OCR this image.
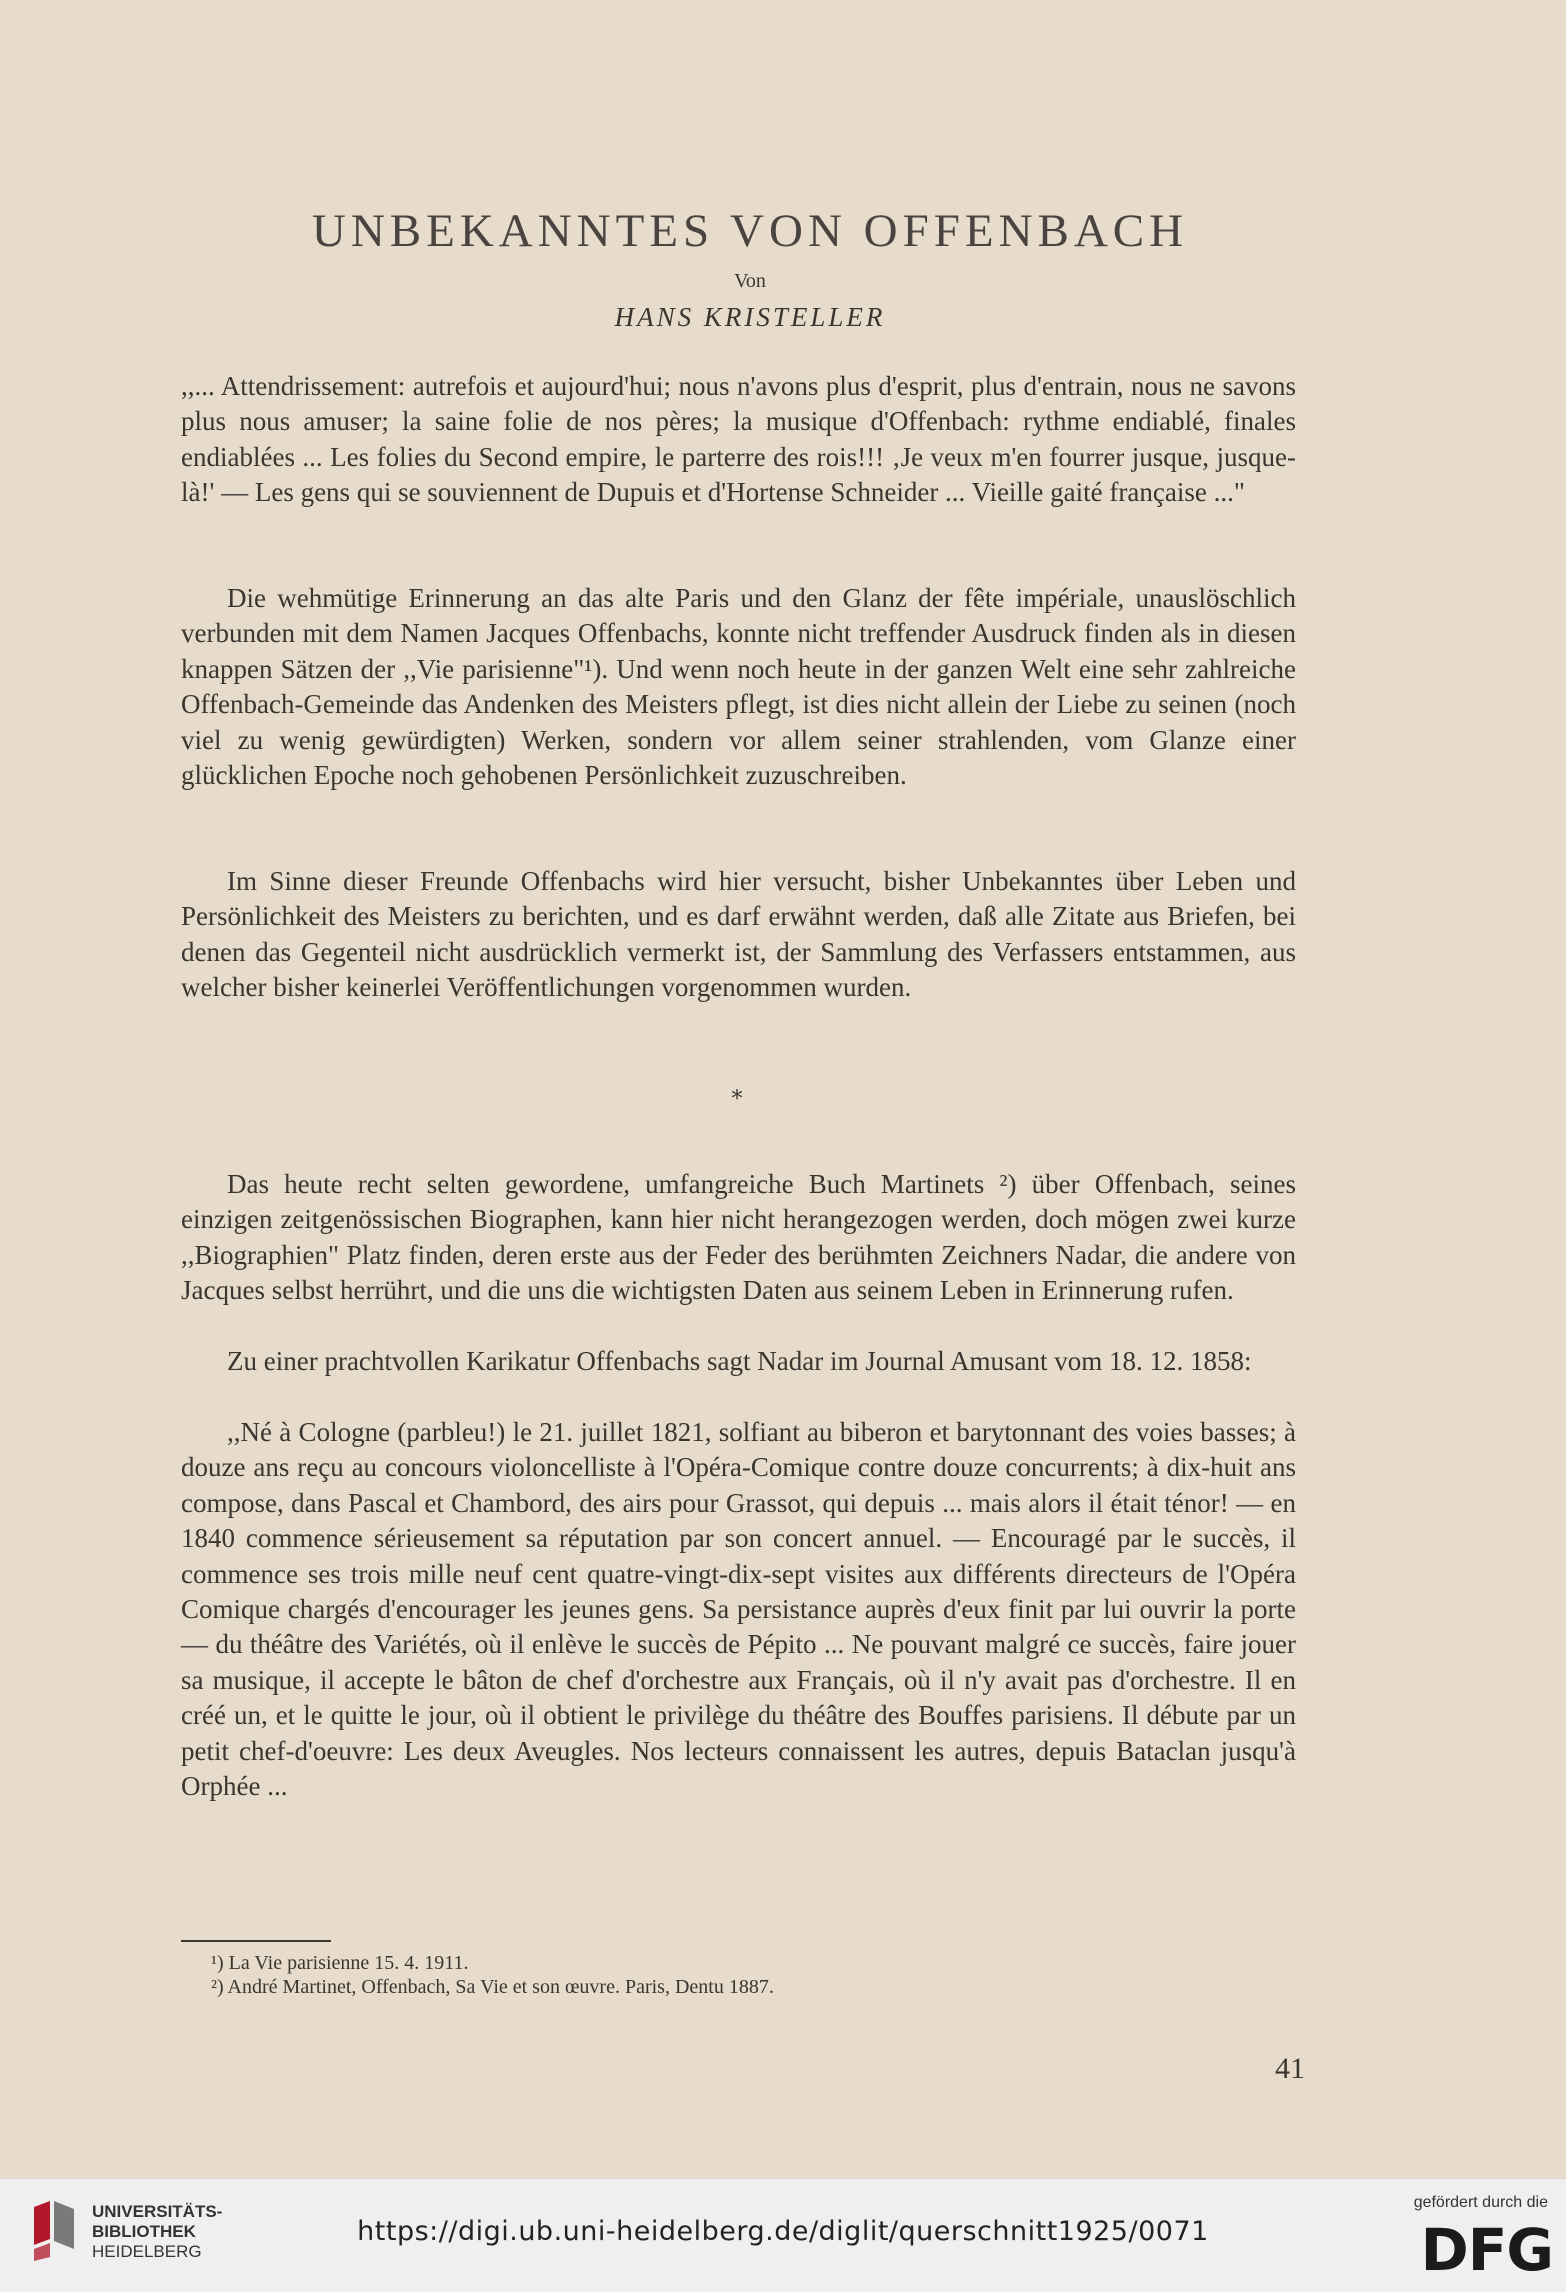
UNBEKANNTES VON OFFENBACH
Von
HANS KRISTELLER

,,... Attendrissement: autrefois et aujourd'hui; nous n'avons plus d'esprit, plus d'entrain, nous ne savons plus nous amuser; la saine folie de nos pères; la musique d'Offenbach: rythme endiablé, finales endiablées ... Les folies du Second empire, le parterre des rois!!! ‚Je veux m'en fourrer jusque, jusque-là!' — Les gens qui se souviennent de Dupuis et d'Hortense Schneider ... Vieille gaité française ..."

Die wehmütige Erinnerung an das alte Paris und den Glanz der fête impériale, unauslöschlich verbunden mit dem Namen Jacques Offenbachs, konnte nicht treffender Ausdruck finden als in diesen knappen Sätzen der ,,Vie parisienne"¹). Und wenn noch heute in der ganzen Welt eine sehr zahlreiche Offenbach-Gemeinde das Andenken des Meisters pflegt, ist dies nicht allein der Liebe zu seinen (noch viel zu wenig gewürdigten) Werken, sondern vor allem seiner strahlenden, vom Glanze einer glücklichen Epoche noch gehobenen Persönlichkeit zuzuschreiben.

Im Sinne dieser Freunde Offenbachs wird hier versucht, bisher Unbekanntes über Leben und Persönlichkeit des Meisters zu berichten, und es darf erwähnt werden, daß alle Zitate aus Briefen, bei denen das Gegenteil nicht ausdrücklich vermerkt ist, der Sammlung des Verfassers entstammen, aus welcher bisher keinerlei Veröffentlichungen vorgenommen wurden.

*

Das heute recht selten gewordene, umfangreiche Buch Martinets ²) über Offenbach, seines einzigen zeitgenössischen Biographen, kann hier nicht herangezogen werden, doch mögen zwei kurze ,,Biographien" Platz finden, deren erste aus der Feder des berühmten Zeichners Nadar, die andere von Jacques selbst herrührt, und die uns die wichtigsten Daten aus seinem Leben in Erinnerung rufen.

Zu einer prachtvollen Karikatur Offenbachs sagt Nadar im Journal Amusant vom 18. 12. 1858:

,,Né à Cologne (parbleu!) le 21. juillet 1821, solfiant au biberon et barytonnant des voies basses; à douze ans reçu au concours violoncelliste à l'Opéra-Comique contre douze concurrents; à dix-huit ans compose, dans Pascal et Chambord, des airs pour Grassot, qui depuis ... mais alors il était ténor! — en 1840 commence sérieusement sa réputation par son concert annuel. — Encouragé par le succès, il commence ses trois mille neuf cent quatre-vingt-dix-sept visites aux différents directeurs de l'Opéra Comique chargés d'encourager les jeunes gens. Sa persistance auprès d'eux finit par lui ouvrir la porte — du théâtre des Variétés, où il enlève le succès de Pépito ... Ne pouvant malgré ce succès, faire jouer sa musique, il accepte le bâton de chef d'orchestre aux Français, où il n'y avait pas d'orchestre. Il en créé un, et le quitte le jour, où il obtient le privilège du théâtre des Bouffes parisiens. Il débute par un petit chef-d'oeuvre: Les deux Aveugles. Nos lecteurs connaissent les autres, depuis Bataclan jusqu'à Orphée ...

¹) La Vie parisienne 15. 4. 1911.
²) André Martinet, Offenbach, Sa Vie et son œuvre. Paris, Dentu 1887.
41
UNIVERSITÄTS-
BIBLIOTHEK
HEIDELBERG
https://digi.ub.uni-heidelberg.de/diglit/querschnitt1925/0071
gefördert durch die
DFG
